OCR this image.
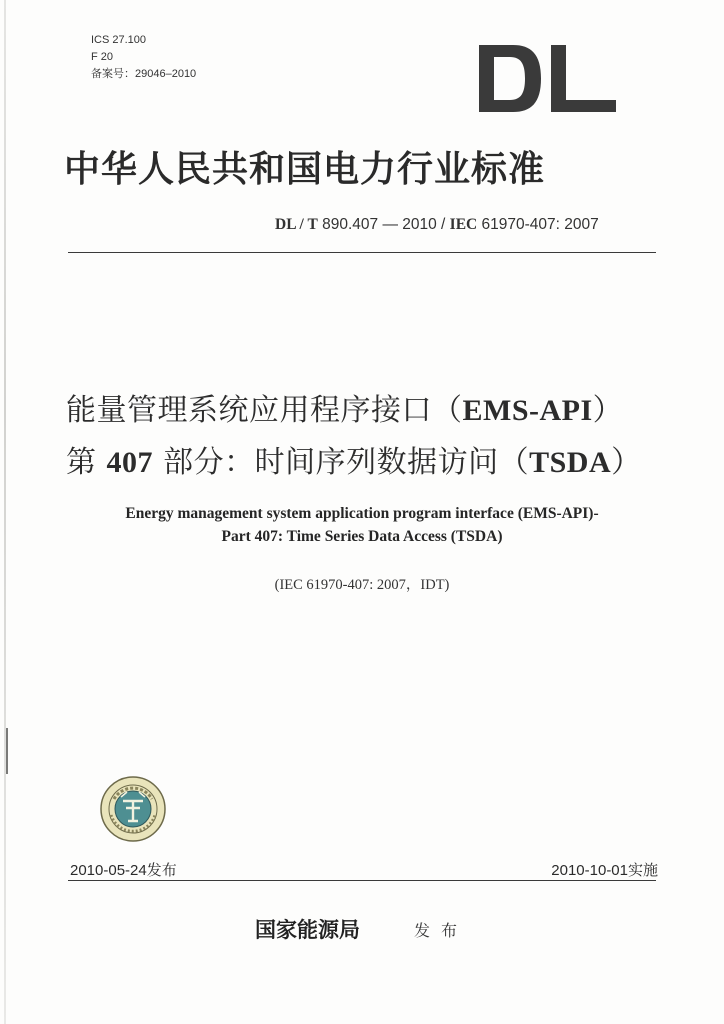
ICS 27.100
F 20
备案号：29046–2010
中华人民共和国电力行业标准
DL / T 890.407 — 2010 / IEC 61970-407: 2007
能量管理系统应用程序接口（EMS-API）
第 407 部分：时间序列数据访问（TSDA）
Energy management system application program interface (EMS-API)-
Part 407: Time Series Data Access (TSDA)
(IEC 61970-407: 2007，IDT)
2010-05-24发布	2010-10-01实施
国家能源局	发布
